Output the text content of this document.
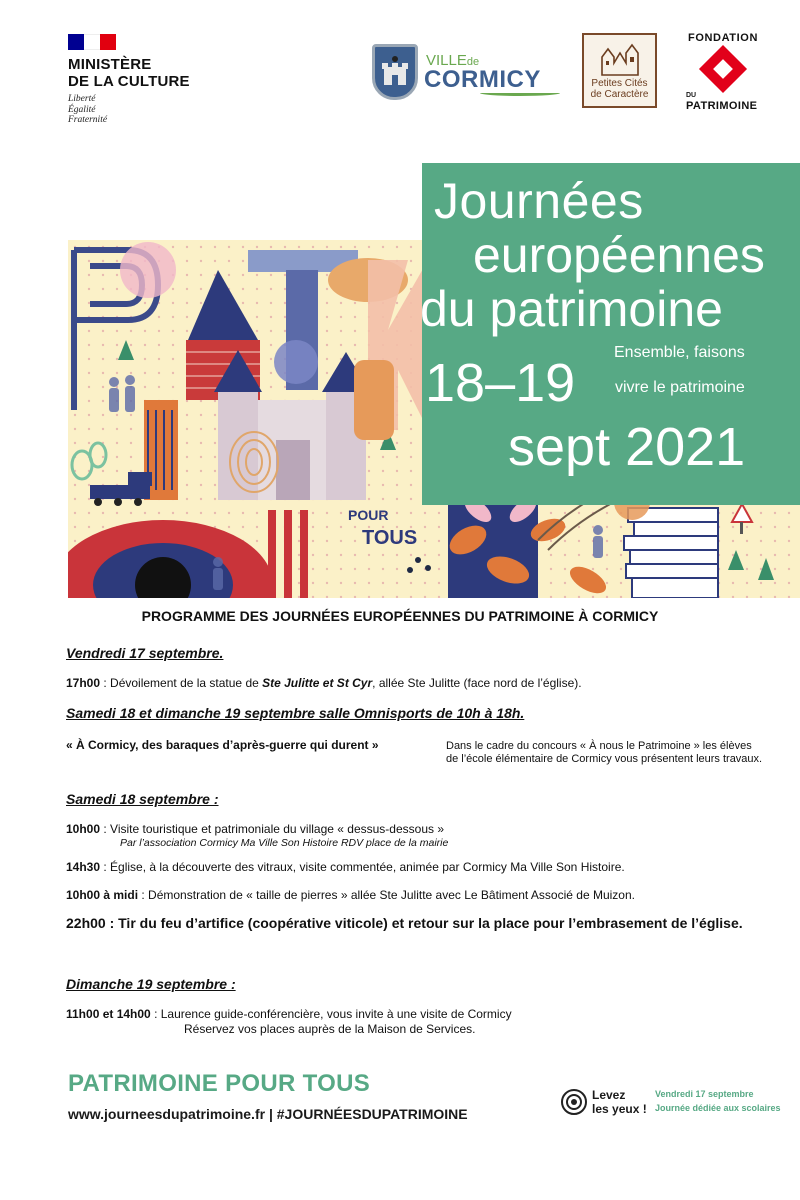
MINISTÈRE
DE LA CULTURE
Liberté
Égalité
Fraternité
VILLEde
CORMICY	Petites Cités
de Caractère
FONDATION
DU
PATRIMOINE
POUR
TOUS
Journées
européennes
du patrimoine
Ensemble, faisons
vivre le patrimoine
18–19
sept 2021
PROGRAMME DES JOURNÉES EUROPÉENNES DU PATRIMOINE À CORMICY
Vendredi 17 septembre.
17h00 : Dévoilement de la statue de Ste Julitte et St Cyr, allée Ste Julitte (face nord de l’église).
Samedi 18 et dimanche 19 septembre salle Omnisports de 10h à 18h.
« À Cormicy, des baraques d’après-guerre qui durent »	Dans le cadre du concours « À nous le Patrimoine » les élèves
de l’école élémentaire de Cormicy vous présentent leurs travaux.
Samedi 18 septembre :
10h00 : Visite touristique et patrimoniale du village « dessus-dessous »
Par l’association Cormicy Ma Ville Son Histoire RDV place de la mairie
14h30 : Église, à la découverte des vitraux, visite commentée, animée par Cormicy Ma Ville Son Histoire.
10h00 à midi : Démonstration de « taille de pierres » allée Ste Julitte avec Le Bâtiment Associé de Muizon.
22h00 : Tir du feu d’artifice (coopérative viticole) et retour sur la place pour l’embrasement de l’église.
Dimanche 19 septembre :
11h00 et 14h00 : Laurence guide-conférencière, vous invite à une visite de Cormicy
Réservez vos places auprès de la Maison de Services.
PATRIMOINE POUR TOUS
www.journeesdupatrimoine.fr | #JOURNÉESDUPATRIMOINE
Levez
les yeux !
Vendredi 17 septembre
Journée dédiée aux scolaires
